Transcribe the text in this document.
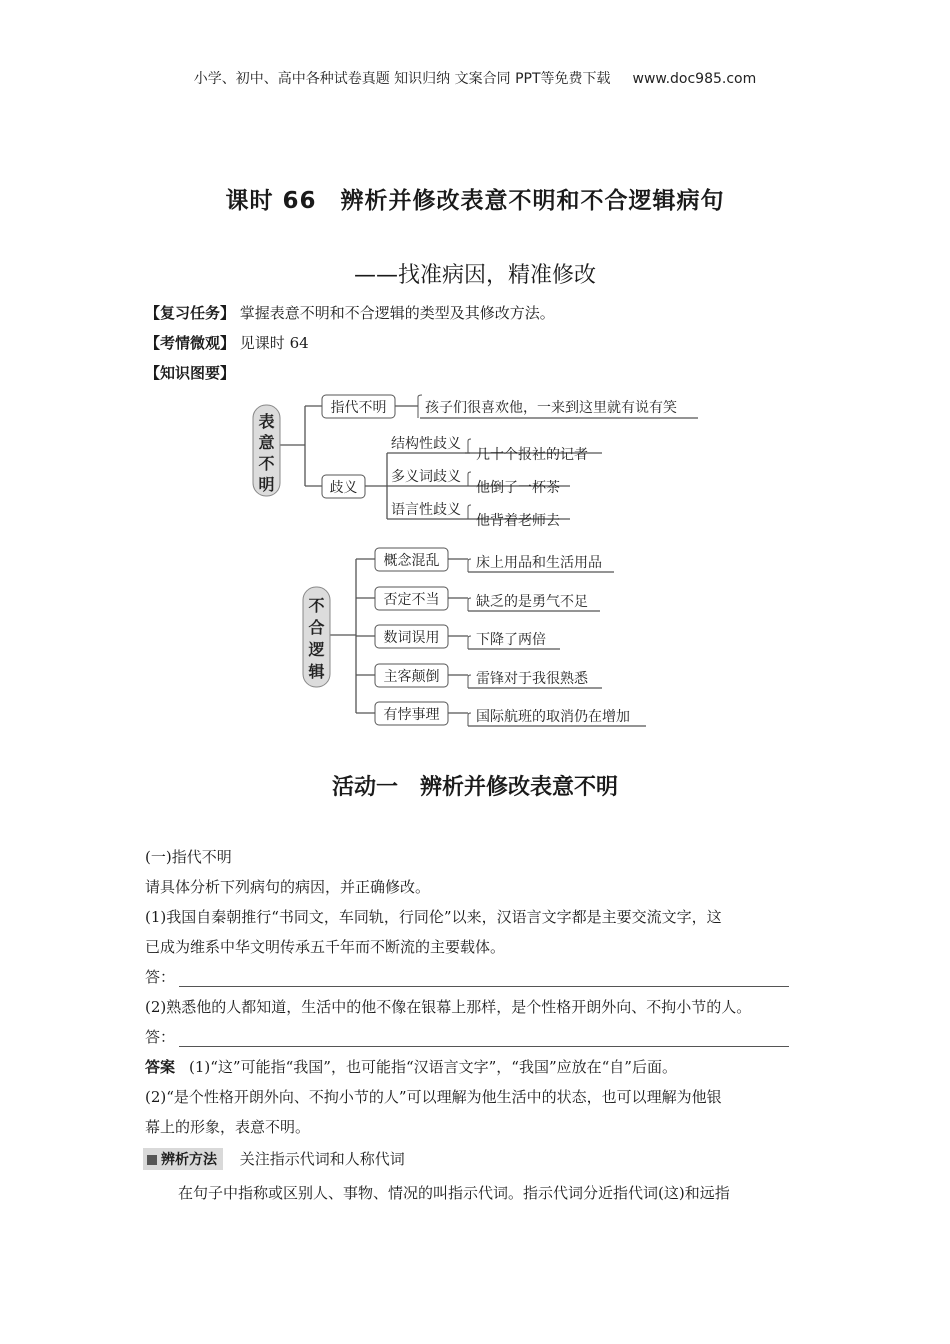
小学、初中、高中各种试卷真题 知识归纳 文案合同 PPT等免费下载 www.doc985.com
课时 66　辨析并修改表意不明和不合逻辑病句
——找准病因，精准修改
【复习任务】 掌握表意不明和不合逻辑的类型及其修改方法。
【考情微观】 见课时 64
【知识图要】
表
意
不
明
指代不明	孩子们很喜欢他，一来到这里就有说有笑
歧义
结构性歧义
多义词歧义
语言性歧义
几十个报社的记者
他倒了一杯茶
他背着老师去
不
合
逻
辑
概念混乱	床上用品和生活用品
否定不当	缺乏的是勇气不足
数词误用	下降了两倍
主客颠倒	雷锋对于我很熟悉
有悖事理	国际航班的取消仍在增加
活动一　辨析并修改表意不明
(一)指代不明
请具体分析下列病句的病因，并正确修改。
(1)我国自秦朝推行“书同文，车同轨，行同伦”以来，汉语言文字都是主要交流文字，这
已成为维系中华文明传承五千年而不断流的主要载体。
答：
(2)熟悉他的人都知道，生活中的他不像在银幕上那样，是个性格开朗外向、不拘小节的人。
答：
答案 (1)“这”可能指“我国”，也可能指“汉语言文字”，“我国”应放在“自”后面。
(2)“是个性格开朗外向、不拘小节的人”可以理解为他生活中的状态，也可以理解为他银
幕上的形象，表意不明。
辨析方法 关注指示代词和人称代词
在句子中指称或区别人、事物、情况的叫指示代词。指示代词分近指代词(这)和远指
